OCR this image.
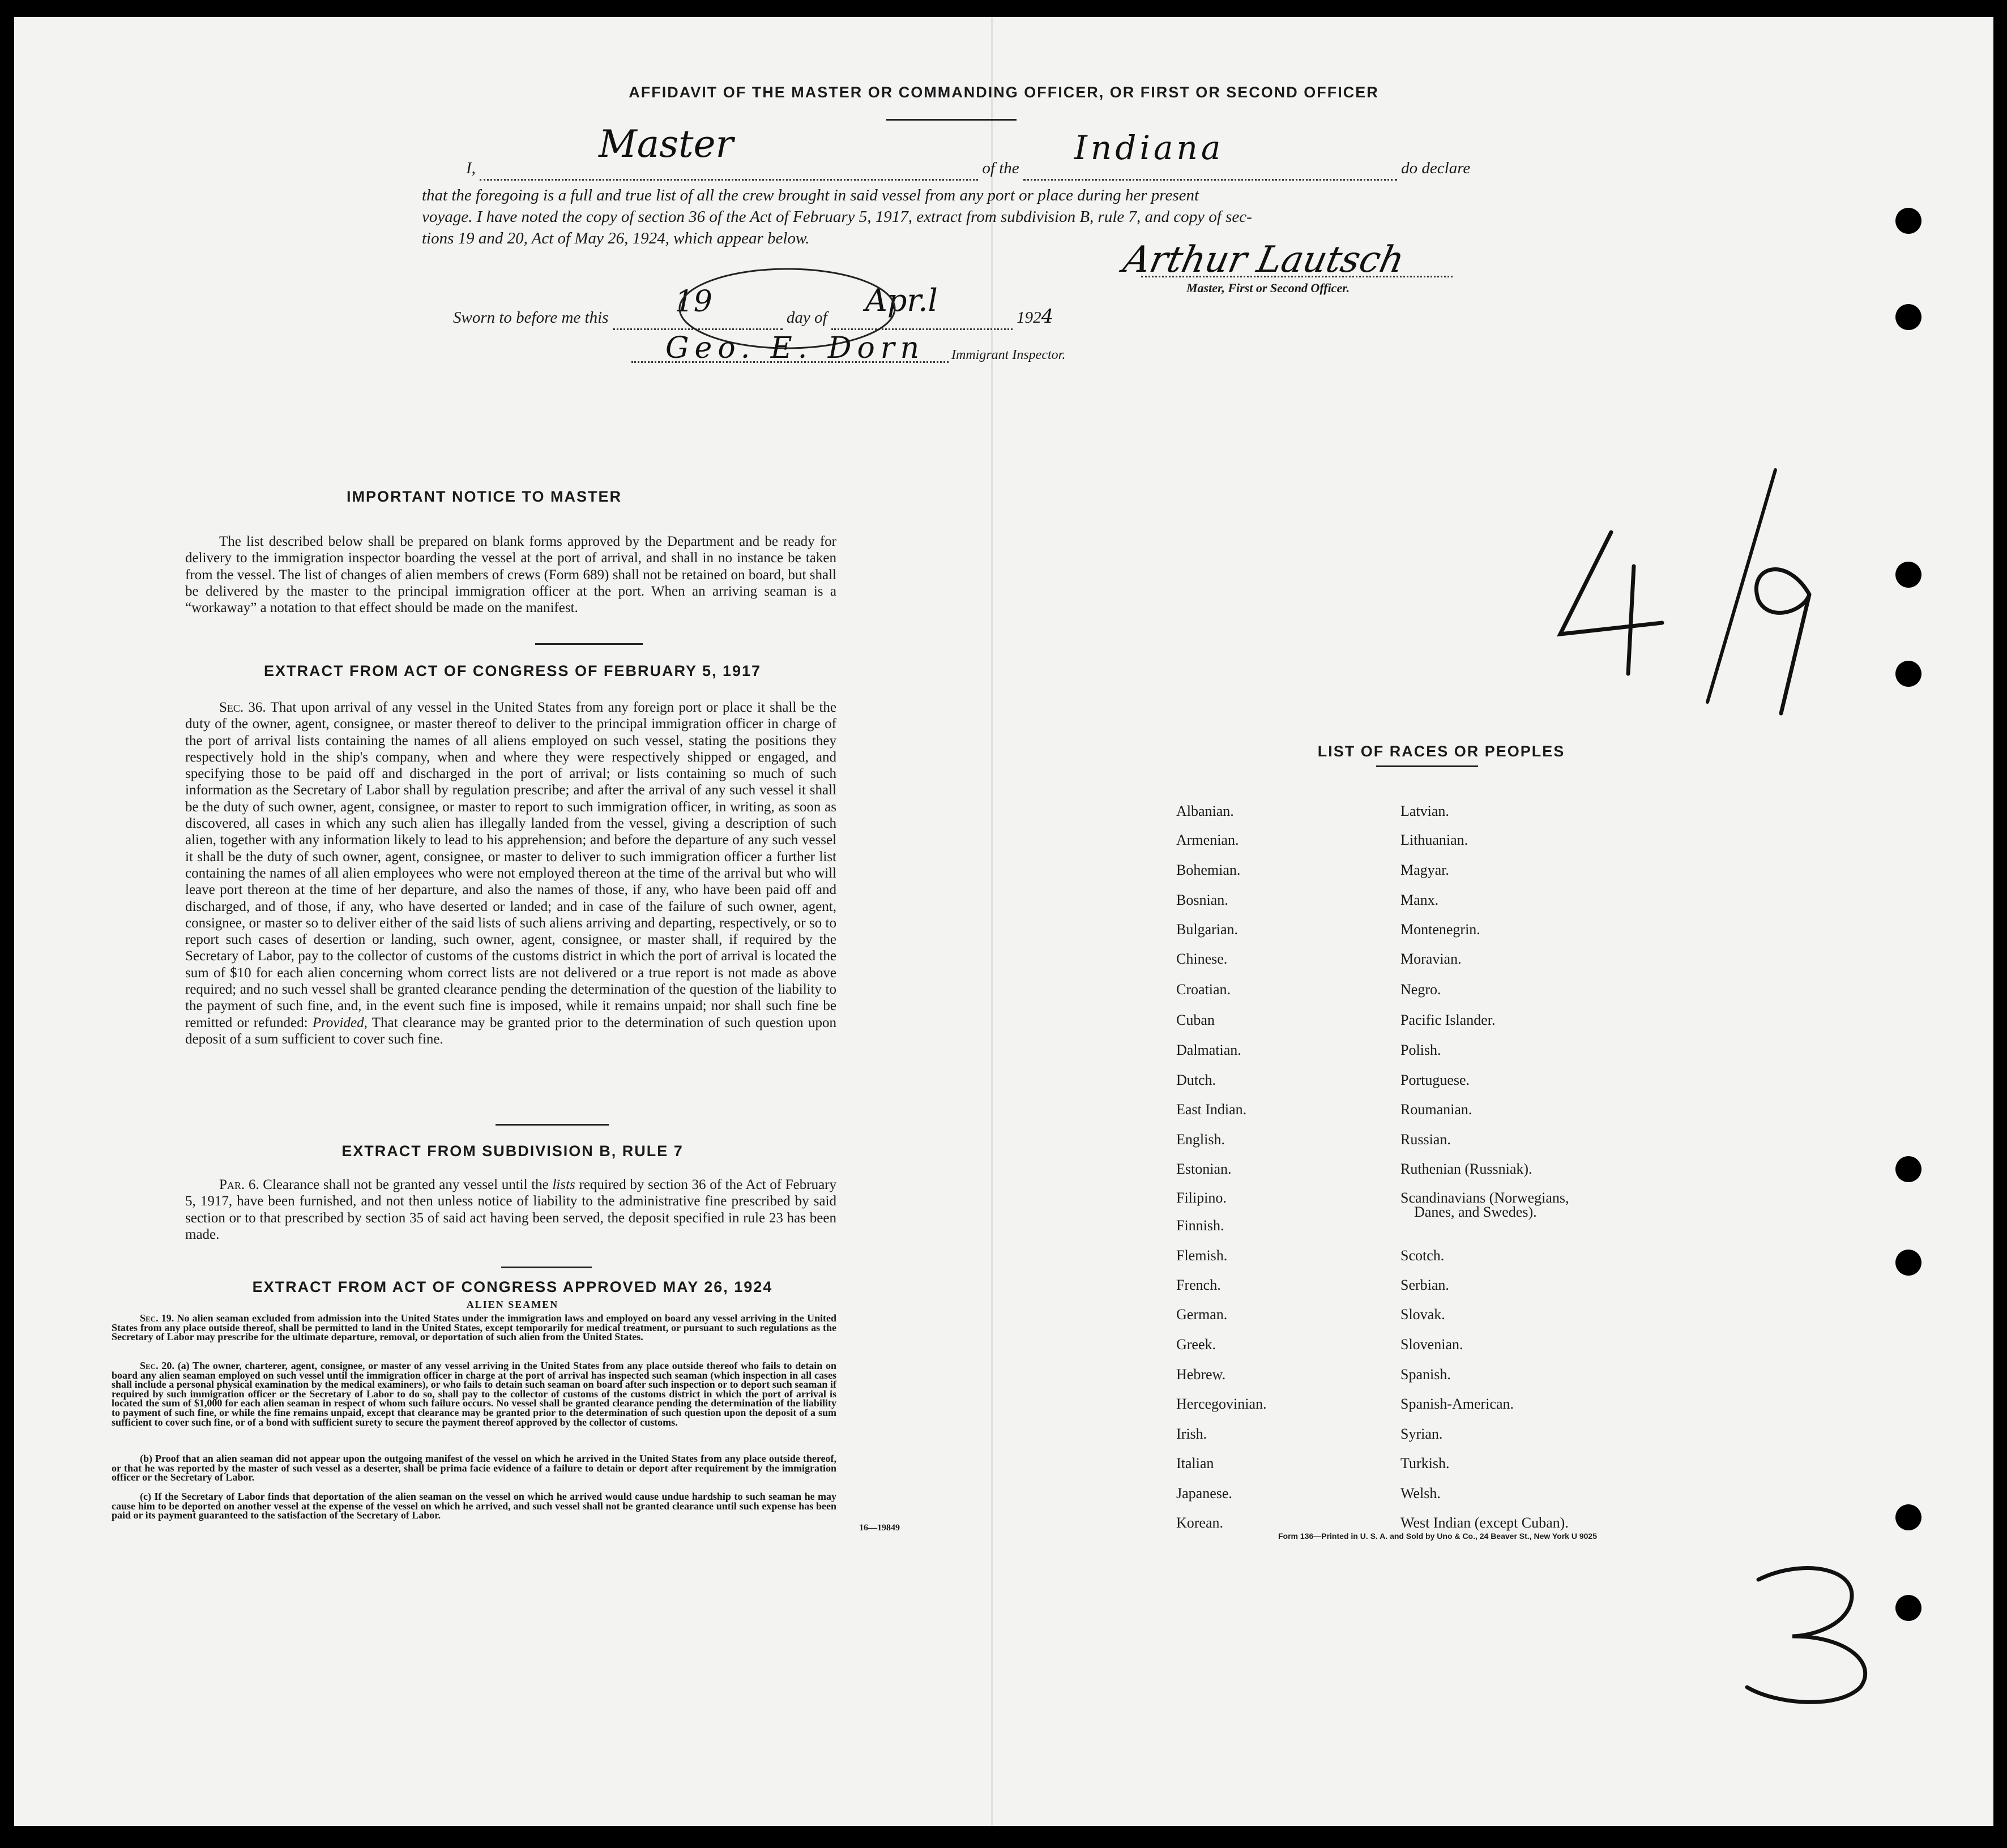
AFFIDAVIT OF THE MASTER OR COMMANDING OFFICER, OR FIRST OR SECOND OFFICER
I,
Master
of the
Indiana
do declare
that the foregoing is a full and true list of all the crew brought in said vessel from any port or place during her present
voyage. I have noted the copy of section 36 of the Act of February 5, 1917, extract from subdivision B, rule 7, and copy of sec-
tions 19 and 20, Act of May 26, 1924, which appear below.
Arthur Lautsch
Master, First or Second Officer.
Sworn to before me this 19	day of Apr.l	1924
Geo. E. Dorn Immigrant Inspector.
IMPORTANT NOTICE TO MASTER
The list described below shall be prepared on blank forms approved by the Department and be ready for delivery to the immigration inspector boarding the vessel at the port of arrival, and shall in no instance be taken from the vessel. The list of changes of alien members of crews (Form 689) shall not be retained on board, but shall be delivered by the master to the principal immigration officer at the port. When an arriving seaman is a “workaway” a notation to that effect should be made on the manifest.
EXTRACT FROM ACT OF CONGRESS OF FEBRUARY 5, 1917
Sec. 36. That upon arrival of any vessel in the United States from any foreign port or place it shall be the duty of the owner, agent, consignee, or master thereof to deliver to the principal immigration officer in charge of the port of arrival lists containing the names of all aliens employed on such vessel, stating the positions they respectively hold in the ship's company, when and where they were respectively shipped or engaged, and specifying those to be paid off and discharged in the port of arrival; or lists containing so much of such information as the Secretary of Labor shall by regulation prescribe; and after the arrival of any such vessel it shall be the duty of such owner, agent, consignee, or master to report to such immigration officer, in writing, as soon as discovered, all cases in which any such alien has illegally landed from the vessel, giving a description of such alien, together with any information likely to lead to his apprehension; and before the departure of any such vessel it shall be the duty of such owner, agent, consignee, or master to deliver to such immigration officer a further list containing the names of all alien employees who were not employed thereon at the time of the arrival but who will leave port thereon at the time of her departure, and also the names of those, if any, who have been paid off and discharged, and of those, if any, who have deserted or landed; and in case of the failure of such owner, agent, consignee, or master so to deliver either of the said lists of such aliens arriving and departing, respectively, or so to report such cases of desertion or landing, such owner, agent, consignee, or master shall, if required by the Secretary of Labor, pay to the collector of customs of the customs district in which the port of arrival is located the sum of $10 for each alien concerning whom correct lists are not delivered or a true report is not made as above required; and no such vessel shall be granted clearance pending the determination of the question of the liability to the payment of such fine, and, in the event such fine is imposed, while it remains unpaid; nor shall such fine be remitted or refunded: Provided, That clearance may be granted prior to the determination of such question upon deposit of a sum sufficient to cover such fine.
EXTRACT FROM SUBDIVISION B, RULE 7
Par. 6. Clearance shall not be granted any vessel until the lists required by section 36 of the Act of February 5, 1917, have been furnished, and not then unless notice of liability to the administrative fine prescribed by said section or to that prescribed by section 35 of said act having been served, the deposit specified in rule 23 has been made.
EXTRACT FROM ACT OF CONGRESS APPROVED MAY 26, 1924
ALIEN SEAMEN
Sec. 19. No alien seaman excluded from admission into the United States under the immigration laws and employed on board any vessel arriving in the United States from any place outside thereof, shall be permitted to land in the United States, except temporarily for medical treatment, or pursuant to such regulations as the Secretary of Labor may prescribe for the ultimate departure, removal, or deportation of such alien from the United States.
Sec. 20. (a) The owner, charterer, agent, consignee, or master of any vessel arriving in the United States from any place outside thereof who fails to detain on board any alien seaman employed on such vessel until the immigration officer in charge at the port of arrival has inspected such seaman (which inspection in all cases shall include a personal physical examination by the medical examiners), or who fails to detain such seaman on board after such inspection or to deport such seaman if required by such immigration officer or the Secretary of Labor to do so, shall pay to the collector of customs of the customs district in which the port of arrival is located the sum of $1,000 for each alien seaman in respect of whom such failure occurs. No vessel shall be granted clearance pending the determination of the liability to payment of such fine, or while the fine remains unpaid, except that clearance may be granted prior to the determination of such question upon the deposit of a sum sufficient to cover such fine, or of a bond with sufficient surety to secure the payment thereof approved by the collector of customs.
(b) Proof that an alien seaman did not appear upon the outgoing manifest of the vessel on which he arrived in the United States from any place outside thereof, or that he was reported by the master of such vessel as a deserter, shall be prima facie evidence of a failure to detain or deport after requirement by the immigration officer or the Secretary of Labor.
(c) If the Secretary of Labor finds that deportation of the alien seaman on the vessel on which he arrived would cause undue hardship to such seaman he may cause him to be deported on another vessel at the expense of the vessel on which he arrived, and such vessel shall not be granted clearance until such expense has been paid or its payment guaranteed to the satisfaction of the Secretary of Labor.
16—19849
LIST OF RACES OR PEOPLES
Albanian.
Armenian.
Bohemian.
Bosnian.
Bulgarian.
Chinese.
Croatian.
Cuban
Dalmatian.
Dutch.
East Indian.
English.
Estonian.
Filipino.
Finnish.
Flemish.
French.
German.
Greek.
Hebrew.
Hercegovinian.
Irish.
Italian
Japanese.
Korean.
Latvian.
Lithuanian.
Magyar.
Manx.
Montenegrin.
Moravian.
Negro.
Pacific Islander.
Polish.
Portuguese.
Roumanian.
Russian.
Ruthenian (Russniak).
Scandinavians (Norwegians,
Danes, and Swedes).
Scotch.
Serbian.
Slovak.
Slovenian.
Spanish.
Spanish-American.
Syrian.
Turkish.
Welsh.
West Indian (except Cuban).
Form 136—Printed in U. S. A. and Sold by Uno & Co., 24 Beaver St., New York U 9025
